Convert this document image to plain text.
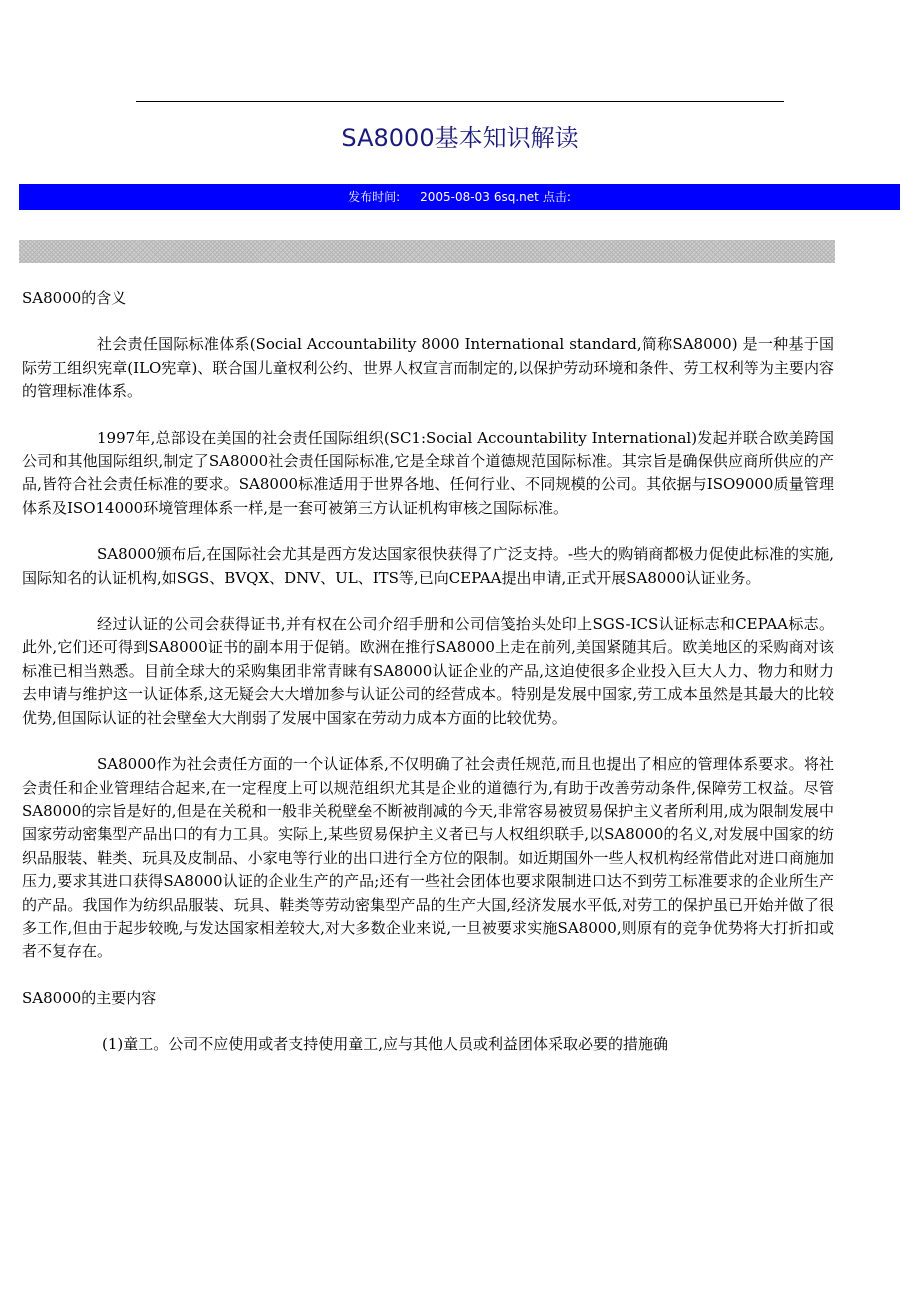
SA8000基本知识解读
发布时间: 2005-08-03 6sq.net 点击:

SA8000的含义

社会责任国际标准体系(Social Accountability 8000 International standard,简称SA8000) 是一种基于国际劳工组织宪章(ILO宪章)、联合国儿童权利公约、世界人权宣言而制定的,以保护劳动环境和条件、劳工权利等为主要内容的管理标准体系。

1997年,总部设在美国的社会责任国际组织(SC1:Social Accountability International)发起并联合欧美跨国公司和其他国际组织,制定了SA8000社会责任国际标准,它是全球首个道德规范国际标准。其宗旨是确保供应商所供应的产品,皆符合社会责任标准的要求。SA8000标准适用于世界各地、任何行业、不同规模的公司。其依据与ISO9000质量管理体系及ISO14000环境管理体系一样,是一套可被第三方认证机构审核之国际标准。

SA8000颁布后,在国际社会尤其是西方发达国家很快获得了广泛支持。-些大的购销商都极力促使此标准的实施,国际知名的认证机构,如SGS、BVQX、DNV、UL、ITS等,已向CEPAA提出申请,正式开展SA8000认证业务。

经过认证的公司会获得证书,并有权在公司介绍手册和公司信笺抬头处印上SGS-ICS认证标志和CEPAA标志。此外,它们还可得到SA8000证书的副本用于促销。欧洲在推行SA8000上走在前列,美国紧随其后。欧美地区的采购商对该标准已相当熟悉。目前全球大的采购集团非常青睐有SA8000认证企业的产品,这迫使很多企业投入巨大人力、物力和财力去申请与维护这一认证体系,这无疑会大大增加参与认证公司的经营成本。特别是发展中国家,劳工成本虽然是其最大的比较优势,但国际认证的社会壁垒大大削弱了发展中国家在劳动力成本方面的比较优势。

SA8000作为社会责任方面的一个认证体系,不仅明确了社会责任规范,而且也提出了相应的管理体系要求。将社会责任和企业管理结合起来,在一定程度上可以规范组织尤其是企业的道德行为,有助于改善劳动条件,保障劳工权益。尽管SA8000的宗旨是好的,但是在关税和一般非关税壁垒不断被削减的今天,非常容易被贸易保护主义者所利用,成为限制发展中国家劳动密集型产品出口的有力工具。实际上,某些贸易保护主义者已与人权组织联手,以SA8000的名义,对发展中国家的纺织品服装、鞋类、玩具及皮制品、小家电等行业的出口进行全方位的限制。如近期国外一些人权机构经常借此对进口商施加压力,要求其进口获得SA8000认证的企业生产的产品;还有一些社会团体也要求限制进口达不到劳工标准要求的企业所生产的产品。我国作为纺织品服装、玩具、鞋类等劳动密集型产品的生产大国,经济发展水平低,对劳工的保护虽已开始并做了很多工作,但由于起步较晚,与发达国家相差较大,对大多数企业来说,一旦被要求实施SA8000,则原有的竞争优势将大打折扣或者不复存在。

SA8000的主要内容

(1)童工。公司不应使用或者支持使用童工,应与其他人员或利益团体采取必要的措施确
